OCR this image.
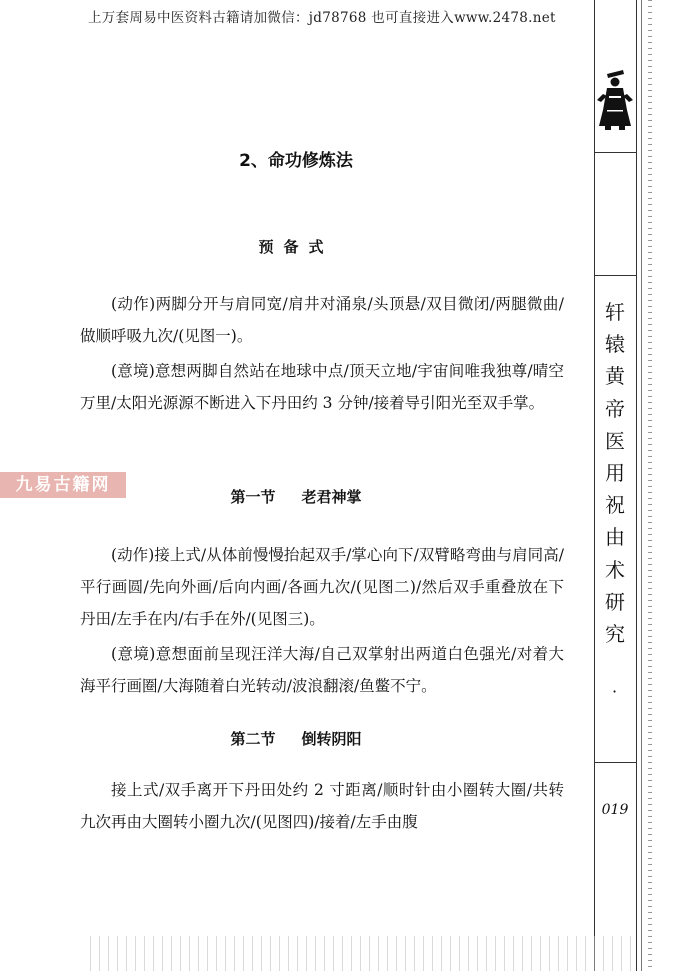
上万套周易中医资料古籍请加微信：jd78768 也可直接进入www.2478.net
2、命功修炼法
预备式

(动作)两脚分开与肩同宽/肩井对涌泉/头顶悬/双目微闭/两腿微曲/做顺呼吸九次/(见图一)。

(意境)意想两脚自然站在地球中点/顶天立地/宇宙间唯我独尊/晴空万里/太阳光源源不断进入下丹田约 3 分钟/接着导引阳光至双手掌。

第一节 老君神掌

(动作)接上式/从体前慢慢抬起双手/掌心向下/双臂略弯曲与肩同高/平行画圆/先向外画/后向内画/各画九次/(见图二)/然后双手重叠放在下丹田/左手在内/右手在外/(见图三)。

(意境)意想面前呈现汪洋大海/自己双掌射出两道白色强光/对着大海平行画圈/大海随着白光转动/波浪翻滚/鱼鳖不宁。

第二节 倒转阴阳

接上式/双手离开下丹田处约 2 寸距离/顺时针由小圈转大圈/共转九次再由大圈转小圈九次/(见图四)/接着/左手由腹

九易古籍网
轩
辕
黄
帝
医
用
祝
由
术
研
究
·
019
